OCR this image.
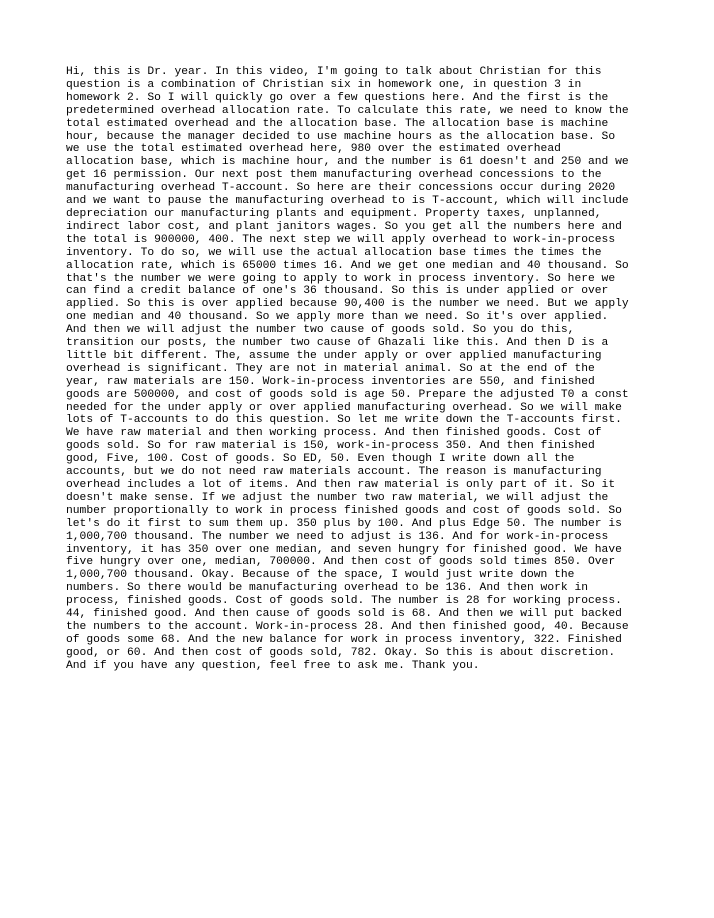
Hi, this is Dr. year. In this video, I'm going to talk about Christian for this
question is a combination of Christian six in homework one, in question 3 in
homework 2. So I will quickly go over a few questions here. And the first is the
predetermined overhead allocation rate. To calculate this rate, we need to know the
total estimated overhead and the allocation base. The allocation base is machine
hour, because the manager decided to use machine hours as the allocation base. So
we use the total estimated overhead here, 980 over the estimated overhead
allocation base, which is machine hour, and the number is 61 doesn't and 250 and we
get 16 permission. Our next post them manufacturing overhead concessions to the
manufacturing overhead T-account. So here are their concessions occur during 2020
and we want to pause the manufacturing overhead to is T-account, which will include
depreciation our manufacturing plants and equipment. Property taxes, unplanned,
indirect labor cost, and plant janitors wages. So you get all the numbers here and
the total is 900000, 400. The next step we will apply overhead to work-in-process
inventory. To do so, we will use the actual allocation base times the times the
allocation rate, which is 65000 times 16. And we get one median and 40 thousand. So
that's the number we were going to apply to work in process inventory. So here we
can find a credit balance of one's 36 thousand. So this is under applied or over
applied. So this is over applied because 90,400 is the number we need. But we apply
one median and 40 thousand. So we apply more than we need. So it's over applied.
And then we will adjust the number two cause of goods sold. So you do this,
transition our posts, the number two cause of Ghazali like this. And then D is a
little bit different. The, assume the under apply or over applied manufacturing
overhead is significant. They are not in material animal. So at the end of the
year, raw materials are 150. Work-in-process inventories are 550, and finished
goods are 500000, and cost of goods sold is age 50. Prepare the adjusted T0 a const
needed for the under apply or over applied manufacturing overhead. So we will make
lots of T-accounts to do this question. So let me write down the T-accounts first.
We have raw material and then working process. And then finished goods. Cost of
goods sold. So for raw material is 150, work-in-process 350. And then finished
good, Five, 100. Cost of goods. So ED, 50. Even though I write down all the
accounts, but we do not need raw materials account. The reason is manufacturing
overhead includes a lot of items. And then raw material is only part of it. So it
doesn't make sense. If we adjust the number two raw material, we will adjust the
number proportionally to work in process finished goods and cost of goods sold. So
let's do it first to sum them up. 350 plus by 100. And plus Edge 50. The number is
1,000,700 thousand. The number we need to adjust is 136. And for work-in-process
inventory, it has 350 over one median, and seven hungry for finished good. We have
five hungry over one, median, 700000. And then cost of goods sold times 850. Over
1,000,700 thousand. Okay. Because of the space, I would just write down the
numbers. So there would be manufacturing overhead to be 136. And then work in
process, finished goods. Cost of goods sold. The number is 28 for working process.
44, finished good. And then cause of goods sold is 68. And then we will put backed
the numbers to the account. Work-in-process 28. And then finished good, 40. Because
of goods some 68. And the new balance for work in process inventory, 322. Finished
good, or 60. And then cost of goods sold, 782. Okay. So this is about discretion.
And if you have any question, feel free to ask me. Thank you.
